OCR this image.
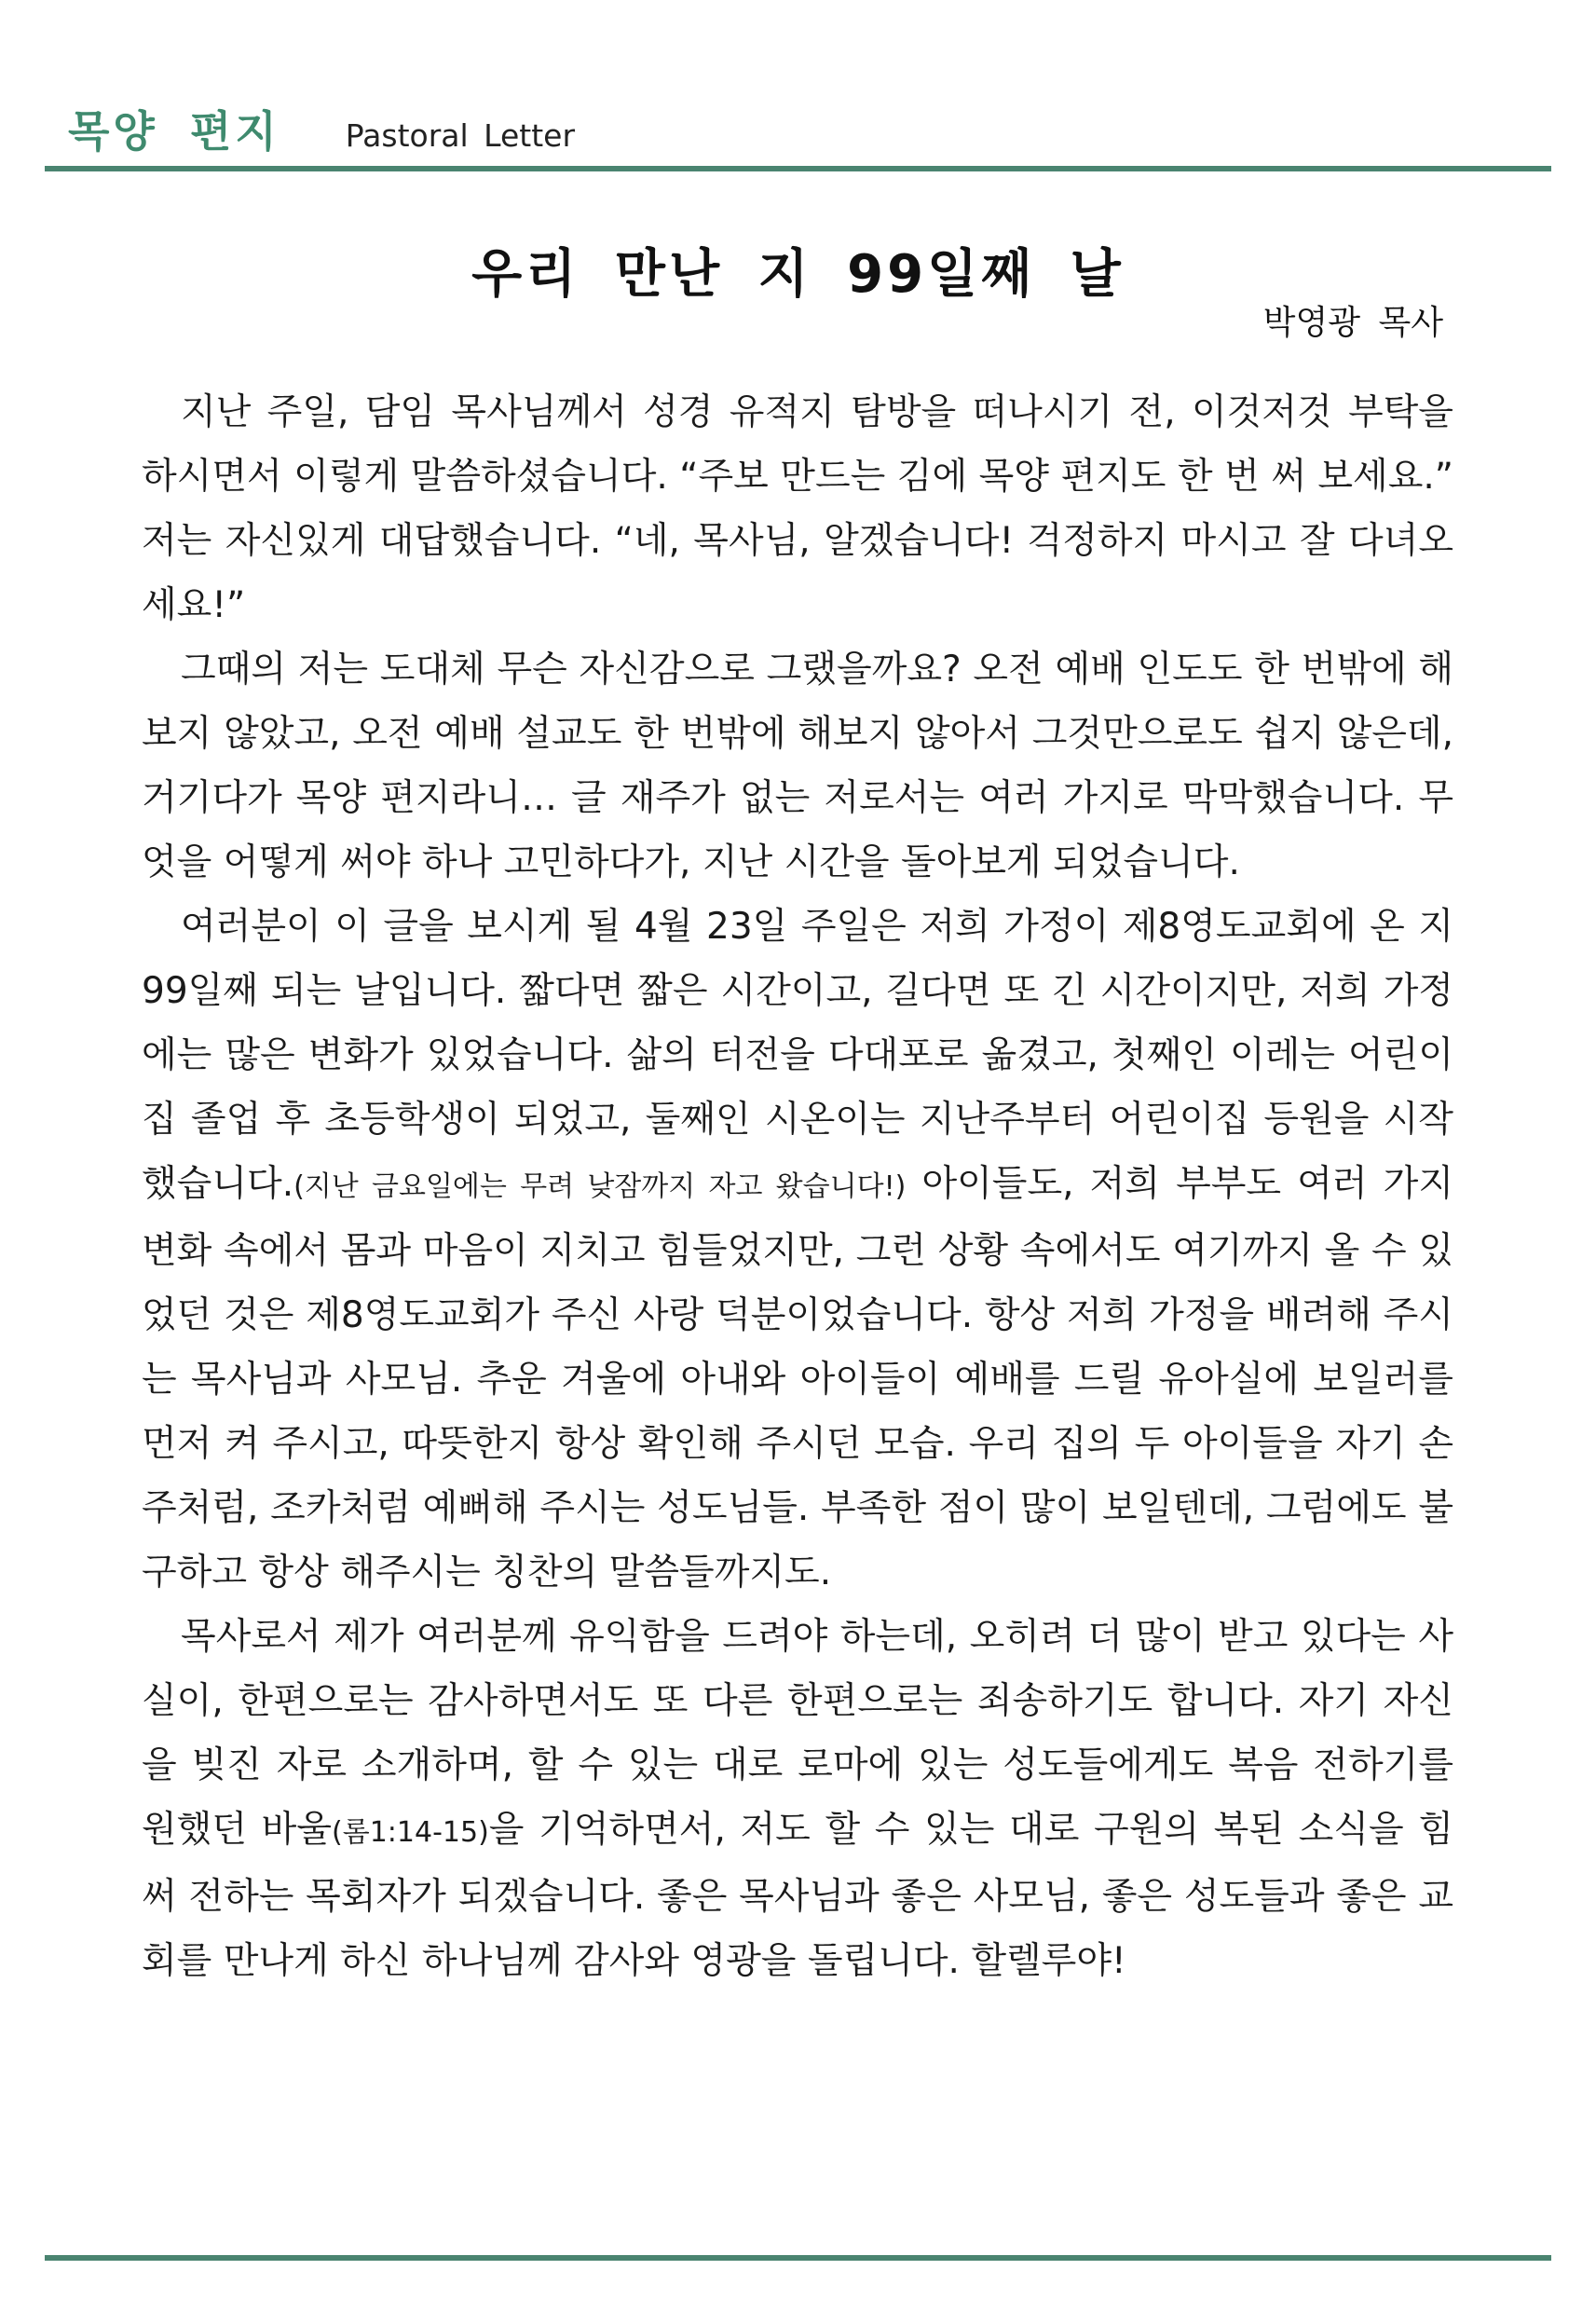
목양 편지 Pastoral Letter
우리 만난 지 99일째 날
박영광 목사

지난 주일, 담임 목사님께서 성경 유적지 탐방을 떠나시기 전, 이것저것 부탁을 하시면서 이렇게 말씀하셨습니다. “주보 만드는 김에 목양 편지도 한 번 써 보세요.” 저는 자신있게 대답했습니다. “네, 목사님, 알겠습니다! 걱정하지 마시고 잘 다녀오세요!”

그때의 저는 도대체 무슨 자신감으로 그랬을까요? 오전 예배 인도도 한 번밖에 해보지 않았고, 오전 예배 설교도 한 번밖에 해보지 않아서 그것만으로도 쉽지 않은데, 거기다가 목양 편지라니… 글 재주가 없는 저로서는 여러 가지로 막막했습니다. 무엇을 어떻게 써야 하나 고민하다가, 지난 시간을 돌아보게 되었습니다.

여러분이 이 글을 보시게 될 4월 23일 주일은 저희 가정이 제8영도교회에 온 지 99일째 되는 날입니다. 짧다면 짧은 시간이고, 길다면 또 긴 시간이지만, 저희 가정에는 많은 변화가 있었습니다. 삶의 터전을 다대포로 옮겼고, 첫째인 이레는 어린이집 졸업 후 초등학생이 되었고, 둘째인 시온이는 지난주부터 어린이집 등원을 시작했습니다.(지난 금요일에는 무려 낮잠까지 자고 왔습니다!) 아이들도, 저희 부부도 여러 가지 변화 속에서 몸과 마음이 지치고 힘들었지만, 그런 상황 속에서도 여기까지 올 수 있었던 것은 제8영도교회가 주신 사랑 덕분이었습니다. 항상 저희 가정을 배려해 주시는 목사님과 사모님. 추운 겨울에 아내와 아이들이 예배를 드릴 유아실에 보일러를 먼저 켜 주시고, 따뜻한지 항상 확인해 주시던 모습. 우리 집의 두 아이들을 자기 손주처럼, 조카처럼 예뻐해 주시는 성도님들. 부족한 점이 많이 보일텐데, 그럼에도 불구하고 항상 해주시는 칭찬의 말씀들까지도.

목사로서 제가 여러분께 유익함을 드려야 하는데, 오히려 더 많이 받고 있다는 사실이, 한편으로는 감사하면서도 또 다른 한편으로는 죄송하기도 합니다. 자기 자신을 빚진 자로 소개하며, 할 수 있는 대로 로마에 있는 성도들에게도 복음 전하기를 원했던 바울(롬1:14-15)을 기억하면서, 저도 할 수 있는 대로 구원의 복된 소식을 힘써 전하는 목회자가 되겠습니다. 좋은 목사님과 좋은 사모님, 좋은 성도들과 좋은 교회를 만나게 하신 하나님께 감사와 영광을 돌립니다. 할렐루야!
